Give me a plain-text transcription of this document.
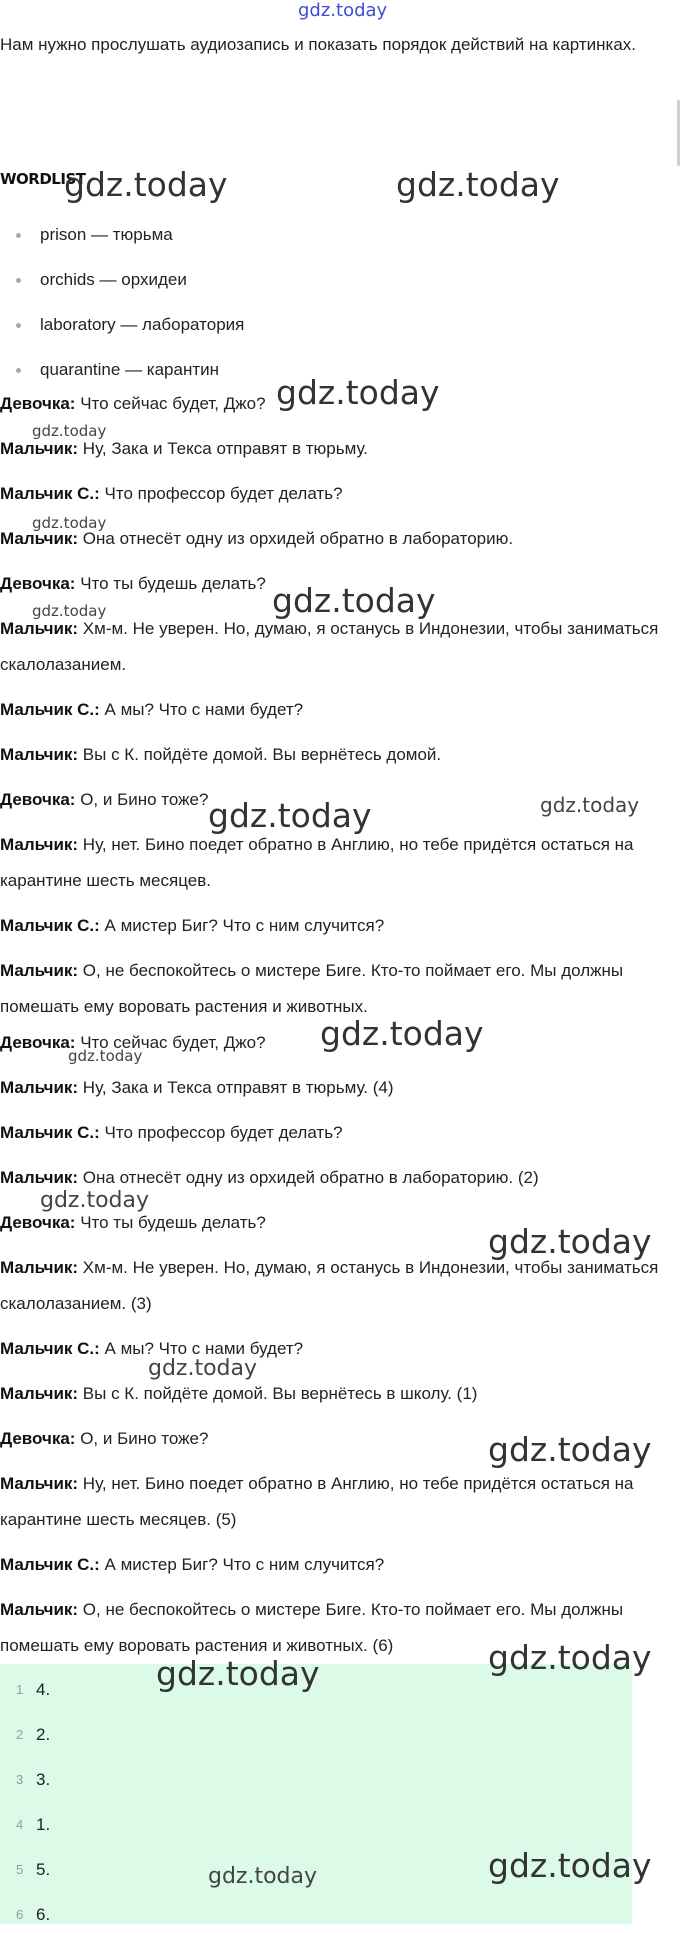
gdz.today
Нам нужно прослушать аудиозапись и показать порядок действий на картинках.
WORDLIST
prison — тюрьма
orchids — орхидеи
laboratory — лаборатория
quarantine — карантин
Девочка: Что сейчас будет, Джо?
Мальчик: Ну, Зака и Текса отправят в тюрьму.
Мальчик С.: Что профессор будет делать?
Мальчик: Она отнесёт одну из орхидей обратно в лабораторию.
Девочка: Что ты будешь делать?
Мальчик: Хм-м. Не уверен. Но, думаю, я останусь в Индонезии, чтобы заниматься скалолазанием.
Мальчик С.: А мы? Что с нами будет?
Мальчик: Вы с К. пойдёте домой. Вы вернётесь домой.
Девочка: О, и Бино тоже?
Мальчик: Ну, нет. Бино поедет обратно в Англию, но тебе придётся остаться на карантине шесть месяцев.
Мальчик С.: А мистер Биг? Что с ним случится?
Мальчик: О, не беспокойтесь о мистере Биге. Кто-то поймает его. Мы должны помешать ему воровать растения и животных.
Девочка: Что сейчас будет, Джо?
Мальчик: Ну, Зака и Текса отправят в тюрьму. (4)
Мальчик С.: Что профессор будет делать?
Мальчик: Она отнесёт одну из орхидей обратно в лабораторию. (2)
Девочка: Что ты будешь делать?
Мальчик: Хм-м. Не уверен. Но, думаю, я останусь в Индонезии, чтобы заниматься скалолазанием. (3)
Мальчик С.: А мы? Что с нами будет?
Мальчик: Вы с К. пойдёте домой. Вы вернётесь в школу. (1)
Девочка: О, и Бино тоже?
Мальчик: Ну, нет. Бино поедет обратно в Англию, но тебе придётся остаться на карантине шесть месяцев. (5)
Мальчик С.: А мистер Биг? Что с ним случится?
Мальчик: О, не беспокойтесь о мистере Биге. Кто-то поймает его. Мы должны помешать ему воровать растения и животных. (6)
1 4.
2 2.
3 3.
4 1.
5 5.
6 6.
gdz.today	gdz.today
gdz.today
gdz.today
gdz.today
gdz.today	gdz.today
gdz.today	gdz.today
gdz.today
gdz.today
gdz.today
gdz.today
gdz.today
gdz.today
gdz.today
gdz.today
gdz.today	gdz.today
